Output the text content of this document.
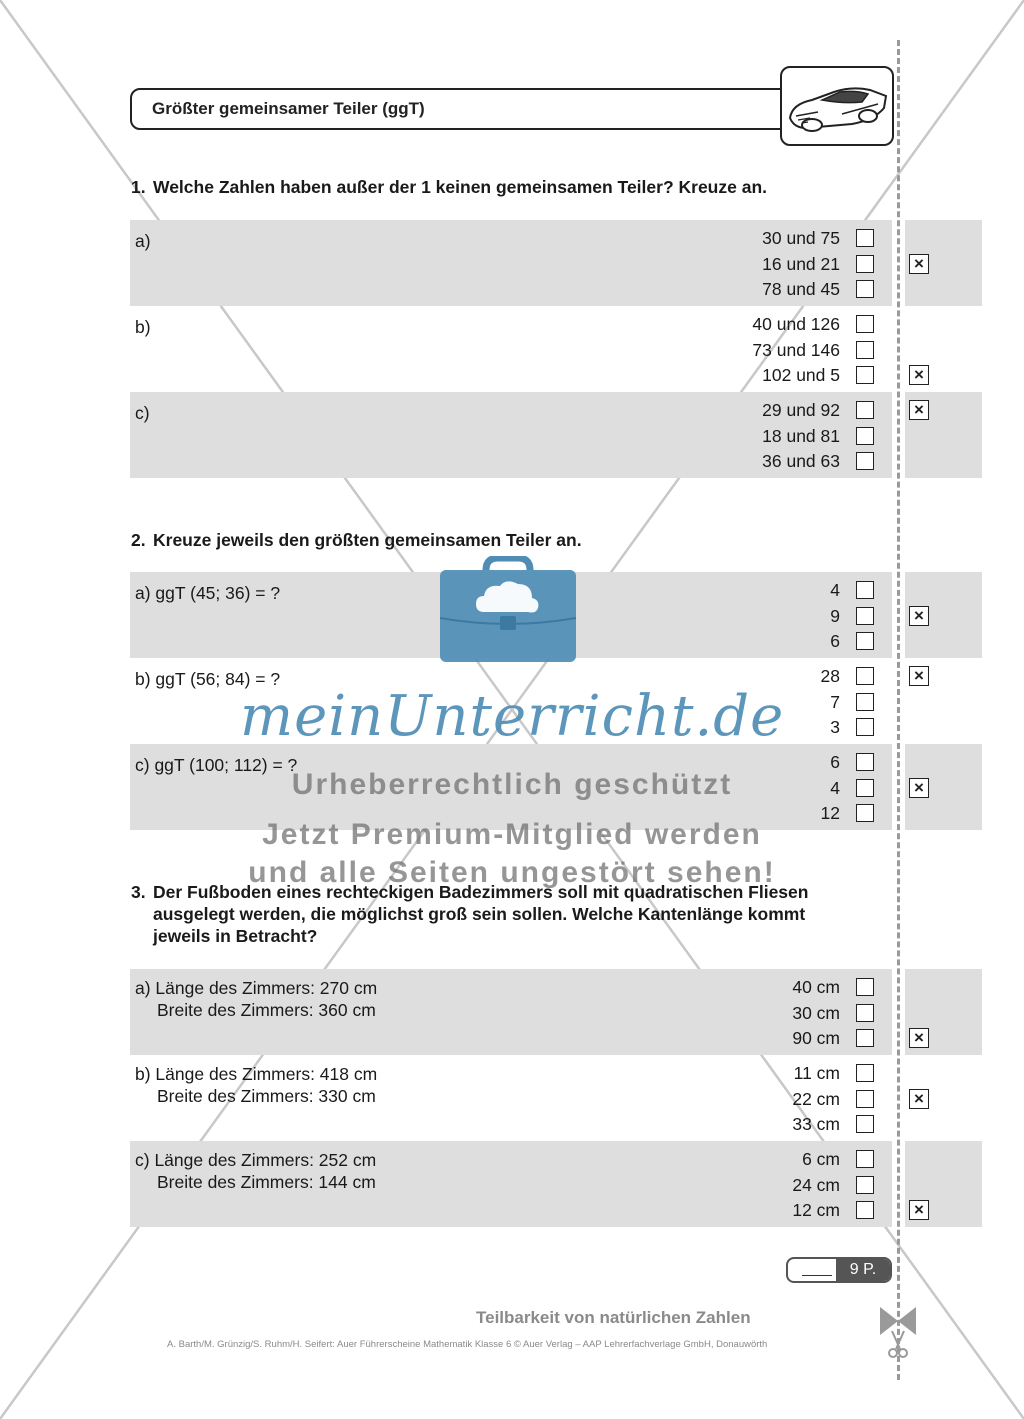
Größter gemeinsamer Teiler (ggT)
1. Welche Zahlen haben außer der 1 keinen gemeinsamen Teiler? Kreuze an.
a)	30 und 75
16 und 21	×
78 und 45
b)	40 und 126
73 und 146
102 und 5	×
c)	29 und 92	×
18 und 81
36 und 63
2. Kreuze jeweils den größten gemeinsamen Teiler an.
a) ggT (45; 36) = ?	4
9	×
6
b) ggT (56; 84) = ?	28	×
7
3
c) ggT (100; 112) = ?	6
4	×
12
3. Der Fußboden eines rechteckigen Badezimmers soll mit quadratischen Fliesen
ausgelegt werden, die möglichst groß sein sollen. Welche Kantenlänge kommt
jeweils in Betracht?
a) Länge des Zimmers: 270 cm
Breite des Zimmers: 360 cm
40 cm
30 cm
90 cm	×
b) Länge des Zimmers: 418 cm
Breite des Zimmers: 330 cm
11 cm
22 cm	×
33 cm
c) Länge des Zimmers: 252 cm
Breite des Zimmers: 144 cm
6 cm
24 cm
12 cm	×
9 P.
Teilbarkeit von natürlichen Zahlen
A. Barth/M. Grünzig/S. Ruhm/H. Seifert: Auer Führerscheine Mathematik Klasse 6 © Auer Verlag – AAP Lehrerfachverlage GmbH, Donauwörth
meinUnterricht.de
Urheberrechtlich geschützt
Jetzt Premium-Mitglied werden
und alle Seiten ungestört sehen!
